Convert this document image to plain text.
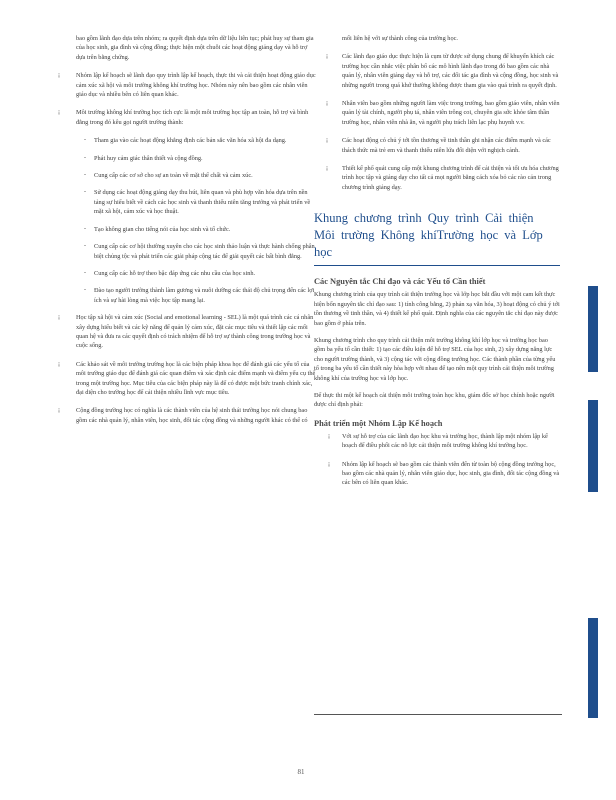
bao gồm lãnh đạo dựa trên nhóm; ra quyết định dựa trên dữ liệu liên tục; phát huy sự tham gia của học sinh, gia đình và cộng đồng; thực hiện một chuỗi các hoạt động giảng dạy và hỗ trợ dựa trên bằng chứng.

¡	Nhóm lập kế hoạch sẽ lãnh đạo quy trình lập kế hoạch, thực thi và cải thiện hoạt động giáo dục cảm xúc xã hội và môi trường không khí trường học. Nhóm này nên bao gồm các nhân viên giáo dục và nhiều bên có liên quan khác.
¡	Môi trường không khí trường học tích cực là một môi trường học tập an toàn, hỗ trợ và bình đẳng trong đó kêu gọi người trường thành:
- Tham gia vào các hoạt động khẳng định các bản sắc văn hóa xã hội đa dạng.
- Phát huy cảm giác thân thiết và cộng đồng.
- Cung cấp các cơ sở cho sự an toàn về mặt thể chất và cảm xúc.
- Sử dụng các hoạt động giảng dạy thu hút, liên quan và phù hợp văn hóa dựa trên nền tảng sự hiểu biết về cách các học sinh và thanh thiếu niên tăng trưởng và phát triển về mặt xã hội, cảm xúc và học thuật.
- Tạo không gian cho tiếng nói của học sinh và tổ chức.
- Cung cấp các cơ hội thường xuyên cho các học sinh thảo luận và thực hành chống phân biệt chủng tộc và phát triển các giải pháp cộng tác để giải quyết các bất bình đẳng.
- Cung cấp các hỗ trợ theo bậc đáp ứng các nhu cầu của học sinh.
- Đào tạo người trường thành làm gương và nuôi dưỡng các thái độ chủ trọng đến các lợi ích và sự hài lòng mà việc học tập mang lại.
¡	Học tập xã hội và cảm xúc (Social and emotional learning - SEL) là một quá trình các cá nhân xây dựng hiểu biết và các kỹ năng để quản lý cảm xúc, đặt các mục tiêu và thiết lập các mối quan hệ và đưa ra các quyết định có trách nhiệm để hỗ trợ sự thành công trong trường học và cuộc sống.
¡	Các khảo sát về môi trường trường học là các biện pháp khoa học để đánh giá các yếu tố của môi trường giáo dục để đánh giá các quan điểm và xác định các điểm mạnh và điểm yếu cụ thể trong một trường học. Mục tiêu của các biện pháp này là để có được một bức tranh chính xác, đại diện cho trường học để cải thiện nhiều lĩnh vực mục tiêu.
¡	Cộng đồng trường học có nghĩa là các thành viên của hệ sinh thái trường học nói chung bao gồm các nhà quản lý, nhân viên, học sinh, đối tác cộng đồng và những người khác có thể có

mối liên hệ với sự thành công của trường học.

¡ Các lãnh đạo giáo dục thực hiện là cụm từ được sử dụng chung để khuyến khích các trường học cần nhắc việc phân bổ các mô hình lãnh đạo trong đó bao gồm các nhà quản lý, nhân viên giảng dạy và hỗ trợ, các đối tác gia đình và cộng đồng, học sinh và những người trong quá khứ thường không được tham gia vào quá trình ra quyết định.
¡ Nhân viên bao gồm những người làm việc trong trường, bao gồm giáo viên, nhân viên quản lý tài chính, người phụ tá, nhân viên trông coi, chuyên gia sức khỏe tâm thần trường học, nhân viên nhà ăn, và người phụ trách liên lạc phụ huynh v.v.
¡ Các hoạt động có chủ ý tới tồn thương về tinh thần ghi nhận các điểm mạnh và các thách thức mà trẻ em và thanh thiếu niên lứa đối diện với nghịch cảnh.
¡ Thiết kế phổ quát cung cấp một khung chương trình để cải thiện và tối ưu hóa chương trình học tập và giảng dạy cho tất cả mọi người bằng cách xóa bỏ các rào cản trong chương trình giảng dạy.
Khung chương trình Quy trình Cải thiện Môi trường Không khíTrường học và Lớp học
Các Nguyên tắc Chỉ đạo và các Yếu tố Cần thiết

Khung chương trình của quy trình cải thiện trường học và lớp học bắt đầu với một cam kết thực hiện bốn nguyên tắc chỉ đạo sau: 1) tính công bằng, 2) phản xạ văn hóa, 3) hoạt động có chủ ý tới tồn thương về tinh thần, và 4) thiết kế phổ quát. Định nghĩa của các nguyên tắc chỉ đạo này được bao gồm ở phía trên.

Khung chương trình cho quy trình cải thiện môi trường không khí lớp học và trường học bao gồm ba yếu tố cần thiết: 1) tạo các điều kiện để hỗ trợ SEL của học sinh, 2) xây dựng năng lực cho người trường thành, và 3) cộng tác với cộng đồng trường học. Các thành phần của từng yếu tố trong ba yếu tố cần thiết này hòa hợp với nhau để tạo nên một quy trình cải thiện môi trường không khí của trường học và lớp học.

Để thực thi một kế hoạch cải thiện môi trường toàn học khu, giám đốc sở học chính hoặc người được chỉ định phải:

Phát triển một Nhóm Lập Kế hoạch
¡ Với sự hỗ trợ của các lãnh đạo học khu và trường học, thành lập một nhóm lập kế hoạch để điều phối các nỗ lực cải thiện môi trường không khí trường học.
¡ Nhóm lập kế hoạch sẽ bao gồm các thành viên đến từ toàn bộ cộng đồng trường học, bao gồm các nhà quản lý, nhân viên giáo dục, học sinh, gia đình, đối tác cộng đồng và các bên có liên quan khác.
81
